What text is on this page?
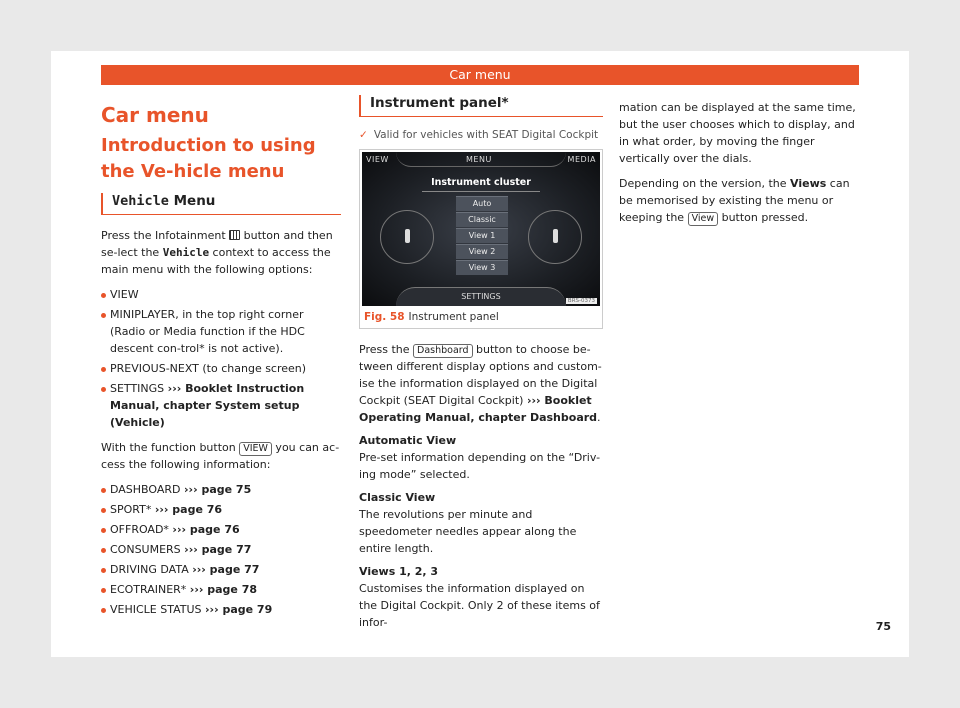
Car menu
Car menu
Introduction to using the Ve-hicle menu
Vehicle Menu

Press the Infotainment  button and then se-lect the Vehicle context to access the main menu with the following options:

VIEW
MINIPLAYER, in the top right corner (Radio or Media function if the HDC descent con-trol* is not active).
PREVIOUS-NEXT (to change screen)
SETTINGS ››› Booklet Instruction Manual, chapter System setup (Vehicle)

With the function button VIEW you can ac-cess the following information:

DASHBOARD ››› page 75
SPORT* ››› page 76
OFFROAD* ››› page 76
CONSUMERS ››› page 77
DRIVING DATA ››› page 77
ECOTRAINER* ››› page 78
VEHICLE STATUS ››› page 79
Instrument panel*
✓ Valid for vehicles with SEAT Digital Cockpit
VIEW	MENU	MEDIA
Instrument cluster
Auto
Classic
View 1
View 2
View 3
SETTINGS	BRS-0373
Fig. 58 Instrument panel

Press the Dashboard button to choose be-tween different display options and custom-ise the information displayed on the Digital Cockpit (SEAT Digital Cockpit) ››› Booklet Operating Manual, chapter Dashboard.

Automatic View

Pre-set information depending on the “Driv-ing mode” selected.

Classic View

The revolutions per minute and speedometer needles appear along the entire length.

Views 1, 2, 3

Customises the information displayed on the Digital Cockpit. Only 2 of these items of infor-

mation can be displayed at the same time, but the user chooses which to display, and in what order, by moving the finger vertically over the dials.

Depending on the version, the Views can be memorised by existing the menu or keeping the View button pressed.

75
